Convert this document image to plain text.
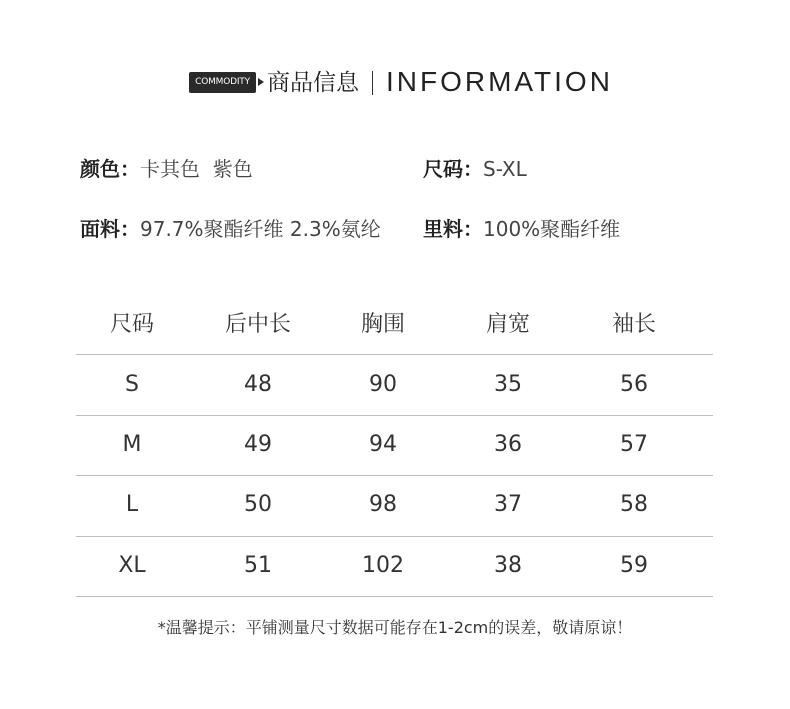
COMMODITY 商品信息 INFORMATION
颜色：卡其色  紫色	尺码：S-XL
面料：97.7%聚酯纤维 2.3%氨纶 里料：100%聚酯纤维
尺码	后中长	胸围	肩宽	袖长
S	48	90	35	56
M	49	94	36	57
L	50	98	37	58
XL	51	102	38	59
*温馨提示：平铺测量尺寸数据可能存在1-2cm的误差，敬请原谅！
